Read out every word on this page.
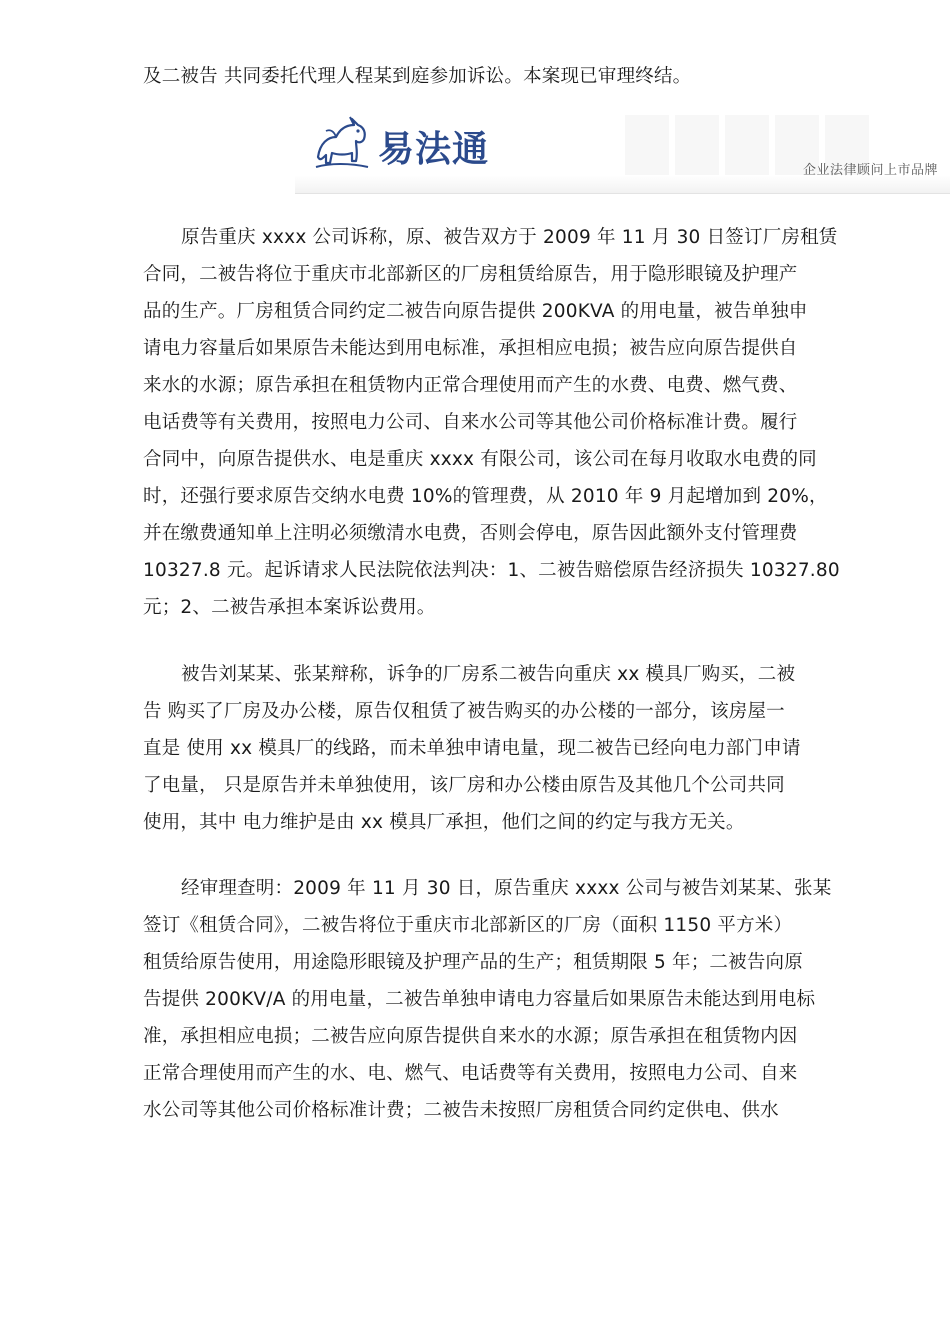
及二被告 共同委托代理人程某到庭参加诉讼。本案现已审理终结。
易法通
企业法律顾问上市品牌
原告重庆 xxxx 公司诉称，原、被告双方于 2009 年 11 月 30 日签订厂房租赁
合同，二被告将位于重庆市北部新区的厂房租赁给原告，用于隐形眼镜及护理产
品的生产。厂房租赁合同约定二被告向原告提供 200KVA 的用电量，被告单独申
请电力容量后如果原告未能达到用电标准，承担相应电损；被告应向原告提供自
来水的水源；原告承担在租赁物内正常合理使用而产生的水费、电费、燃气费、
电话费等有关费用，按照电力公司、自来水公司等其他公司价格标准计费。履行
合同中，向原告提供水、电是重庆 xxxx 有限公司，该公司在每月收取水电费的同
时，还强行要求原告交纳水电费 10%的管理费，从 2010 年 9 月起增加到 20%，
并在缴费通知单上注明必须缴清水电费，否则会停电，原告因此额外支付管理费
10327.8 元。起诉请求人民法院依法判决：1、二被告赔偿原告经济损失 10327.80
元；2、二被告承担本案诉讼费用。
被告刘某某、张某辩称，诉争的厂房系二被告向重庆 xx 模具厂购买，二被
告 购买了厂房及办公楼，原告仅租赁了被告购买的办公楼的一部分，该房屋一
直是 使用 xx 模具厂的线路，而未单独申请电量，现二被告已经向电力部门申请
了电量， 只是原告并未单独使用，该厂房和办公楼由原告及其他几个公司共同
使用，其中 电力维护是由 xx 模具厂承担，他们之间的约定与我方无关。
经审理查明：2009 年 11 月 30 日，原告重庆 xxxx 公司与被告刘某某、张某
签订《租赁合同》，二被告将位于重庆市北部新区的厂房（面积 1150 平方米）
租赁给原告使用，用途隐形眼镜及护理产品的生产；租赁期限 5 年；二被告向原
告提供 200KV/A 的用电量，二被告单独申请电力容量后如果原告未能达到用电标
准，承担相应电损；二被告应向原告提供自来水的水源；原告承担在租赁物内因
正常合理使用而产生的水、电、燃气、电话费等有关费用，按照电力公司、自来
水公司等其他公司价格标准计费；二被告未按照厂房租赁合同约定供电、供水
